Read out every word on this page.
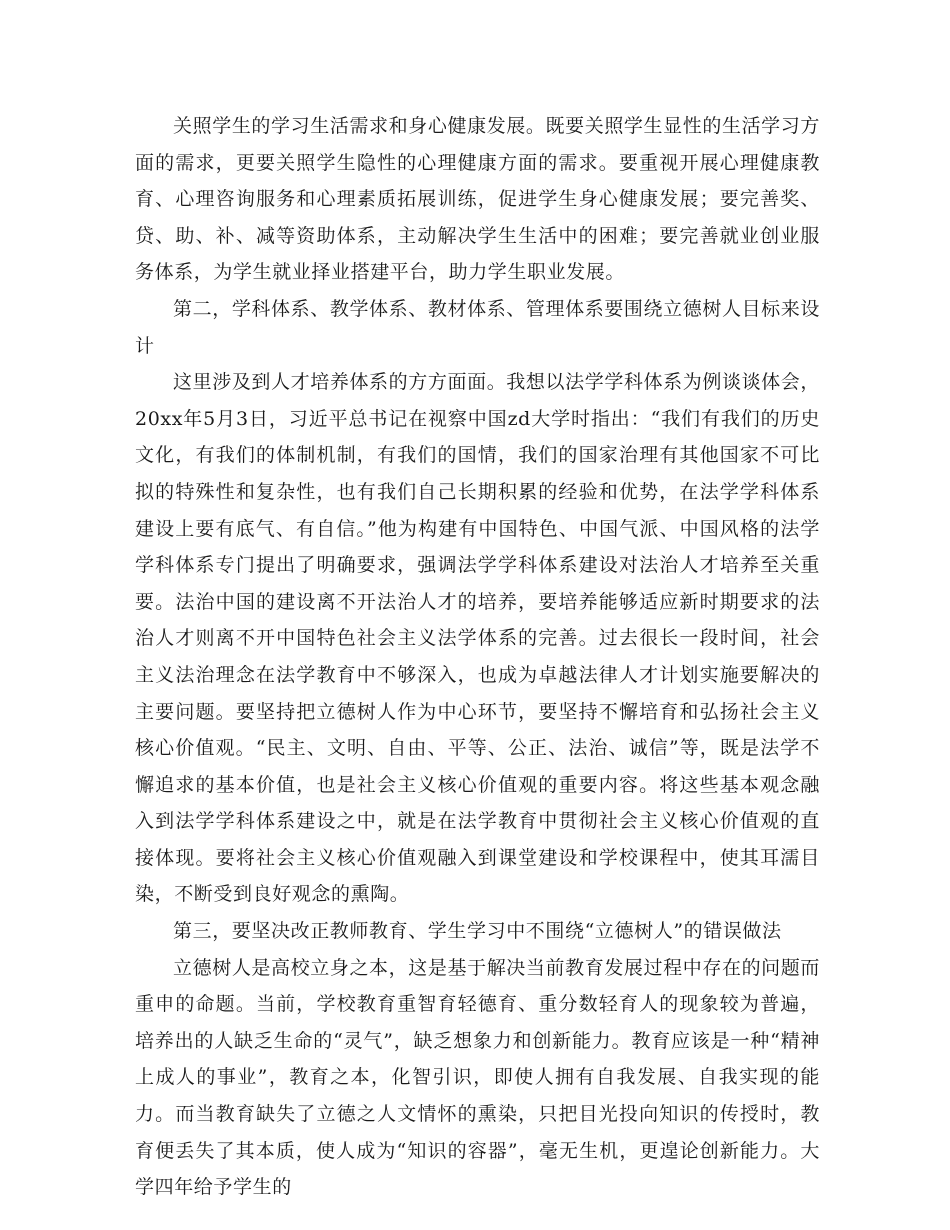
关照学生的学习生活需求和身心健康发展。既要关照学生显性的生活学习方面的需求，更要关照学生隐性的心理健康方面的需求。要重视开展心理健康教育、心理咨询服务和心理素质拓展训练，促进学生身心健康发展；要完善奖、贷、助、补、减等资助体系，主动解决学生生活中的困难；要完善就业创业服务体系，为学生就业择业搭建平台，助力学生职业发展。

第二，学科体系、教学体系、教材体系、管理体系要围绕立德树人目标来设计

这里涉及到人才培养体系的方方面面。我想以法学学科体系为例谈谈体会，20xx年5月3日，习近平总书记在视察中国zd大学时指出：“我们有我们的历史文化，有我们的体制机制，有我们的国情，我们的国家治理有其他国家不可比拟的特殊性和复杂性，也有我们自己长期积累的经验和优势，在法学学科体系建设上要有底气、有自信。”他为构建有中国特色、中国气派、中国风格的法学学科体系专门提出了明确要求，强调法学学科体系建设对法治人才培养至关重要。法治中国的建设离不开法治人才的培养，要培养能够适应新时期要求的法治人才则离不开中国特色社会主义法学体系的完善。过去很长一段时间，社会主义法治理念在法学教育中不够深入，也成为卓越法律人才计划实施要解决的主要问题。要坚持把立德树人作为中心环节，要坚持不懈培育和弘扬社会主义核心价值观。“民主、文明、自由、平等、公正、法治、诚信”等，既是法学不懈追求的基本价值，也是社会主义核心价值观的重要内容。将这些基本观念融入到法学学科体系建设之中，就是在法学教育中贯彻社会主义核心价值观的直接体现。要将社会主义核心价值观融入到课堂建设和学校课程中，使其耳濡目染，不断受到良好观念的熏陶。

第三，要坚决改正教师教育、学生学习中不围绕“立德树人”的错误做法

立德树人是高校立身之本，这是基于解决当前教育发展过程中存在的问题而重申的命题。当前，学校教育重智育轻德育、重分数轻育人的现象较为普遍，培养出的人缺乏生命的“灵气”，缺乏想象力和创新能力。教育应该是一种“精神上成人的事业”，教育之本，化智引识，即使人拥有自我发展、自我实现的能力。而当教育缺失了立德之人文情怀的熏染，只把目光投向知识的传授时，教育便丢失了其本质，使人成为“知识的容器”，毫无生机，更遑论创新能力。大学四年给予学生的
